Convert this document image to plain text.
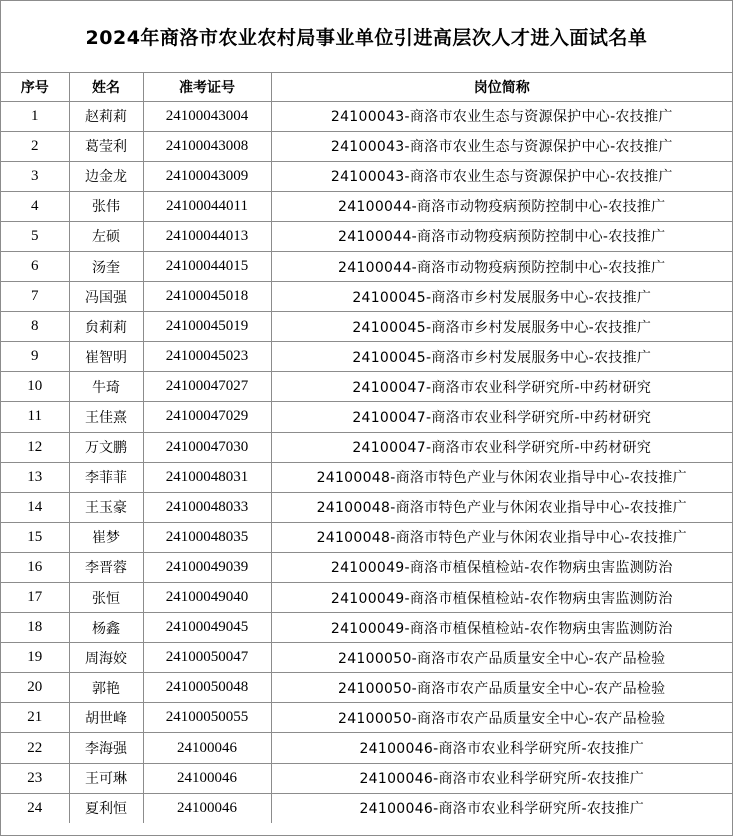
2024年商洛市农业农村局事业单位引进高层次人才进入面试名单
序号	姓名	准考证号	岗位简称
1	赵莉莉	24100043004	24100043-商洛市农业生态与资源保护中心-农技推广
2	葛莹利	24100043008	24100043-商洛市农业生态与资源保护中心-农技推广
3	边金龙	24100043009	24100043-商洛市农业生态与资源保护中心-农技推广
4	张伟	24100044011	24100044-商洛市动物疫病预防控制中心-农技推广
5	左硕	24100044013	24100044-商洛市动物疫病预防控制中心-农技推广
6	汤奎	24100044015	24100044-商洛市动物疫病预防控制中心-农技推广
7	冯国强	24100045018	24100045-商洛市乡村发展服务中心-农技推广
8	贠莉莉	24100045019	24100045-商洛市乡村发展服务中心-农技推广
9	崔智明	24100045023	24100045-商洛市乡村发展服务中心-农技推广
10	牛琦	24100047027	24100047-商洛市农业科学研究所-中药材研究
11	王佳熹	24100047029	24100047-商洛市农业科学研究所-中药材研究
12	万文鹏	24100047030	24100047-商洛市农业科学研究所-中药材研究
13	李菲菲	24100048031	24100048-商洛市特色产业与休闲农业指导中心-农技推广
14	王玉豪	24100048033	24100048-商洛市特色产业与休闲农业指导中心-农技推广
15	崔梦	24100048035	24100048-商洛市特色产业与休闲农业指导中心-农技推广
16	李晋蓉	24100049039	24100049-商洛市植保植检站-农作物病虫害监测防治
17	张恒	24100049040	24100049-商洛市植保植检站-农作物病虫害监测防治
18	杨鑫	24100049045	24100049-商洛市植保植检站-农作物病虫害监测防治
19	周海姣	24100050047	24100050-商洛市农产品质量安全中心-农产品检验
20	郭艳	24100050048	24100050-商洛市农产品质量安全中心-农产品检验
21	胡世峰	24100050055	24100050-商洛市农产品质量安全中心-农产品检验
22	李海强	24100046	24100046-商洛市农业科学研究所-农技推广
23	王可琳	24100046	24100046-商洛市农业科学研究所-农技推广
24	夏利恒	24100046	24100046-商洛市农业科学研究所-农技推广
